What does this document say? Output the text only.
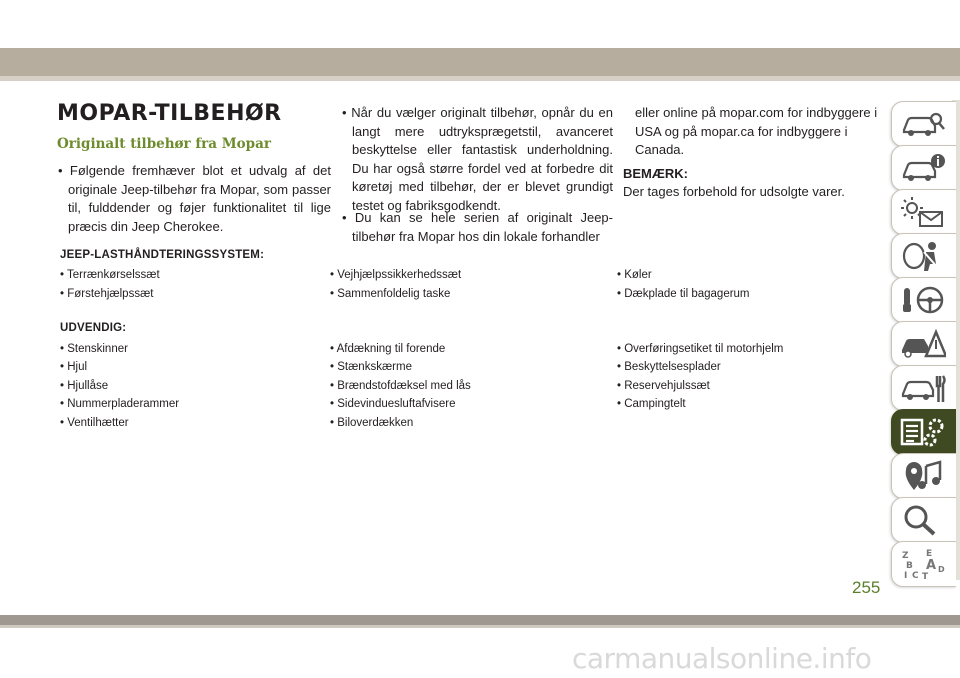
MOPAR-TILBEHØR
Originalt tilbehør fra Mopar

• Følgende fremhæver blot et udvalg af det originale Jeep-tilbehør fra Mopar, som passer til, fulddender og føjer funktionalitet til lige præcis din Jeep Cherokee.

• Når du vælger originalt tilbehør, opnår du en langt mere udtryksprægetstil, avanceret beskyttelse eller fantastisk underholdning. Du har også større fordel ved at forbedre dit køretøj med tilbehør, der er blevet grundigt testet og fabriksgodkendt.

• Du kan se hele serien af originalt Jeep-tilbehør fra Mopar hos din lokale forhandler

eller online på mopar.com for indbyggere i USA og på mopar.ca for indbyggere i Canada.

BEMÆRK:

Der tages forbehold for udsolgte varer.

JEEP-LASTHÅNDTERINGSSYSTEM:

• Terrænkørselssæt

• Førstehjælpssæt

• Vejhjælpssikkerhedssæt

• Sammenfoldelig taske

• Køler

• Dækplade til bagagerum

UDVENDIG:

• Stenskinner

• Hjul

• Hjullåse

• Nummerpladerammer

• Ventilhætter

• Afdækning til forende

• Stænkskærme

• Brændstofdæksel med lås

• Sidevinduesluftafvisere

• Biloverdækken

• Overføringsetiket til motorhjelm

• Beskyttelsesplader

• Reservehjulssæt

• Campingtelt

Z E
B A D
I C T

255

carmanualsonline.info
